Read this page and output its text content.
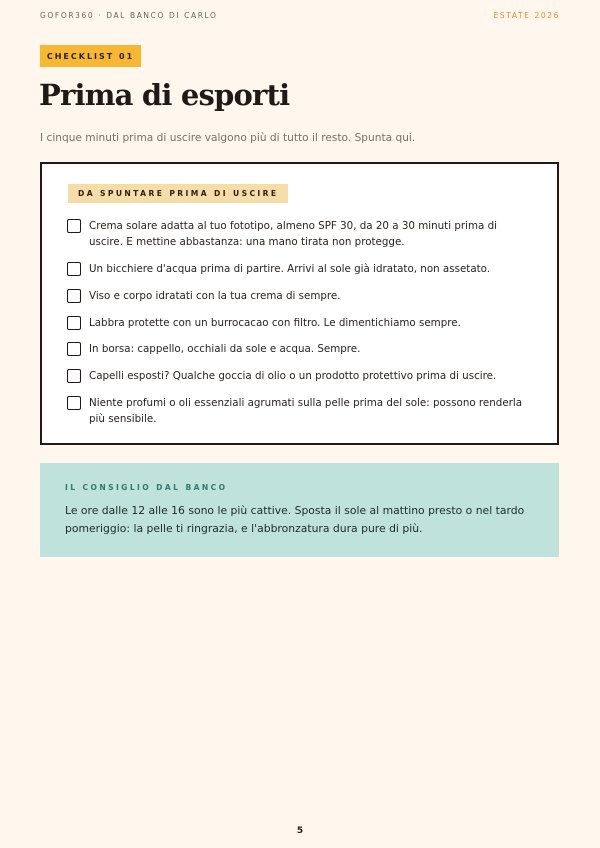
GOFOR360 · DAL BANCO DI CARLO	ESTATE 2026
CHECKLIST 01
Prima di esporti

I cinque minuti prima di uscire valgono più di tutto il resto. Spunta qui.

DA SPUNTARE PRIMA DI USCIRE
Crema solare adatta al tuo fototipo, almeno SPF 30, da 20 a 30 minuti prima di uscire. E mettine abbastanza: una mano tirata non protegge.
Un bicchiere d'acqua prima di partire. Arrivi al sole già idratato, non assetato.
Viso e corpo idratati con la tua crema di sempre.
Labbra protette con un burrocacao con filtro. Le dimentichiamo sempre.
In borsa: cappello, occhiali da sole e acqua. Sempre.
Capelli esposti? Qualche goccia di olio o un prodotto protettivo prima di uscire.
Niente profumi o oli essenziali agrumati sulla pelle prima del sole: possono renderla più sensibile.
IL CONSIGLIO DAL BANCO

Le ore dalle 12 alle 16 sono le più cattive. Sposta il sole al mattino presto o nel tardo pomeriggio: la pelle ti ringrazia, e l'abbronzatura dura pure di più.

5
